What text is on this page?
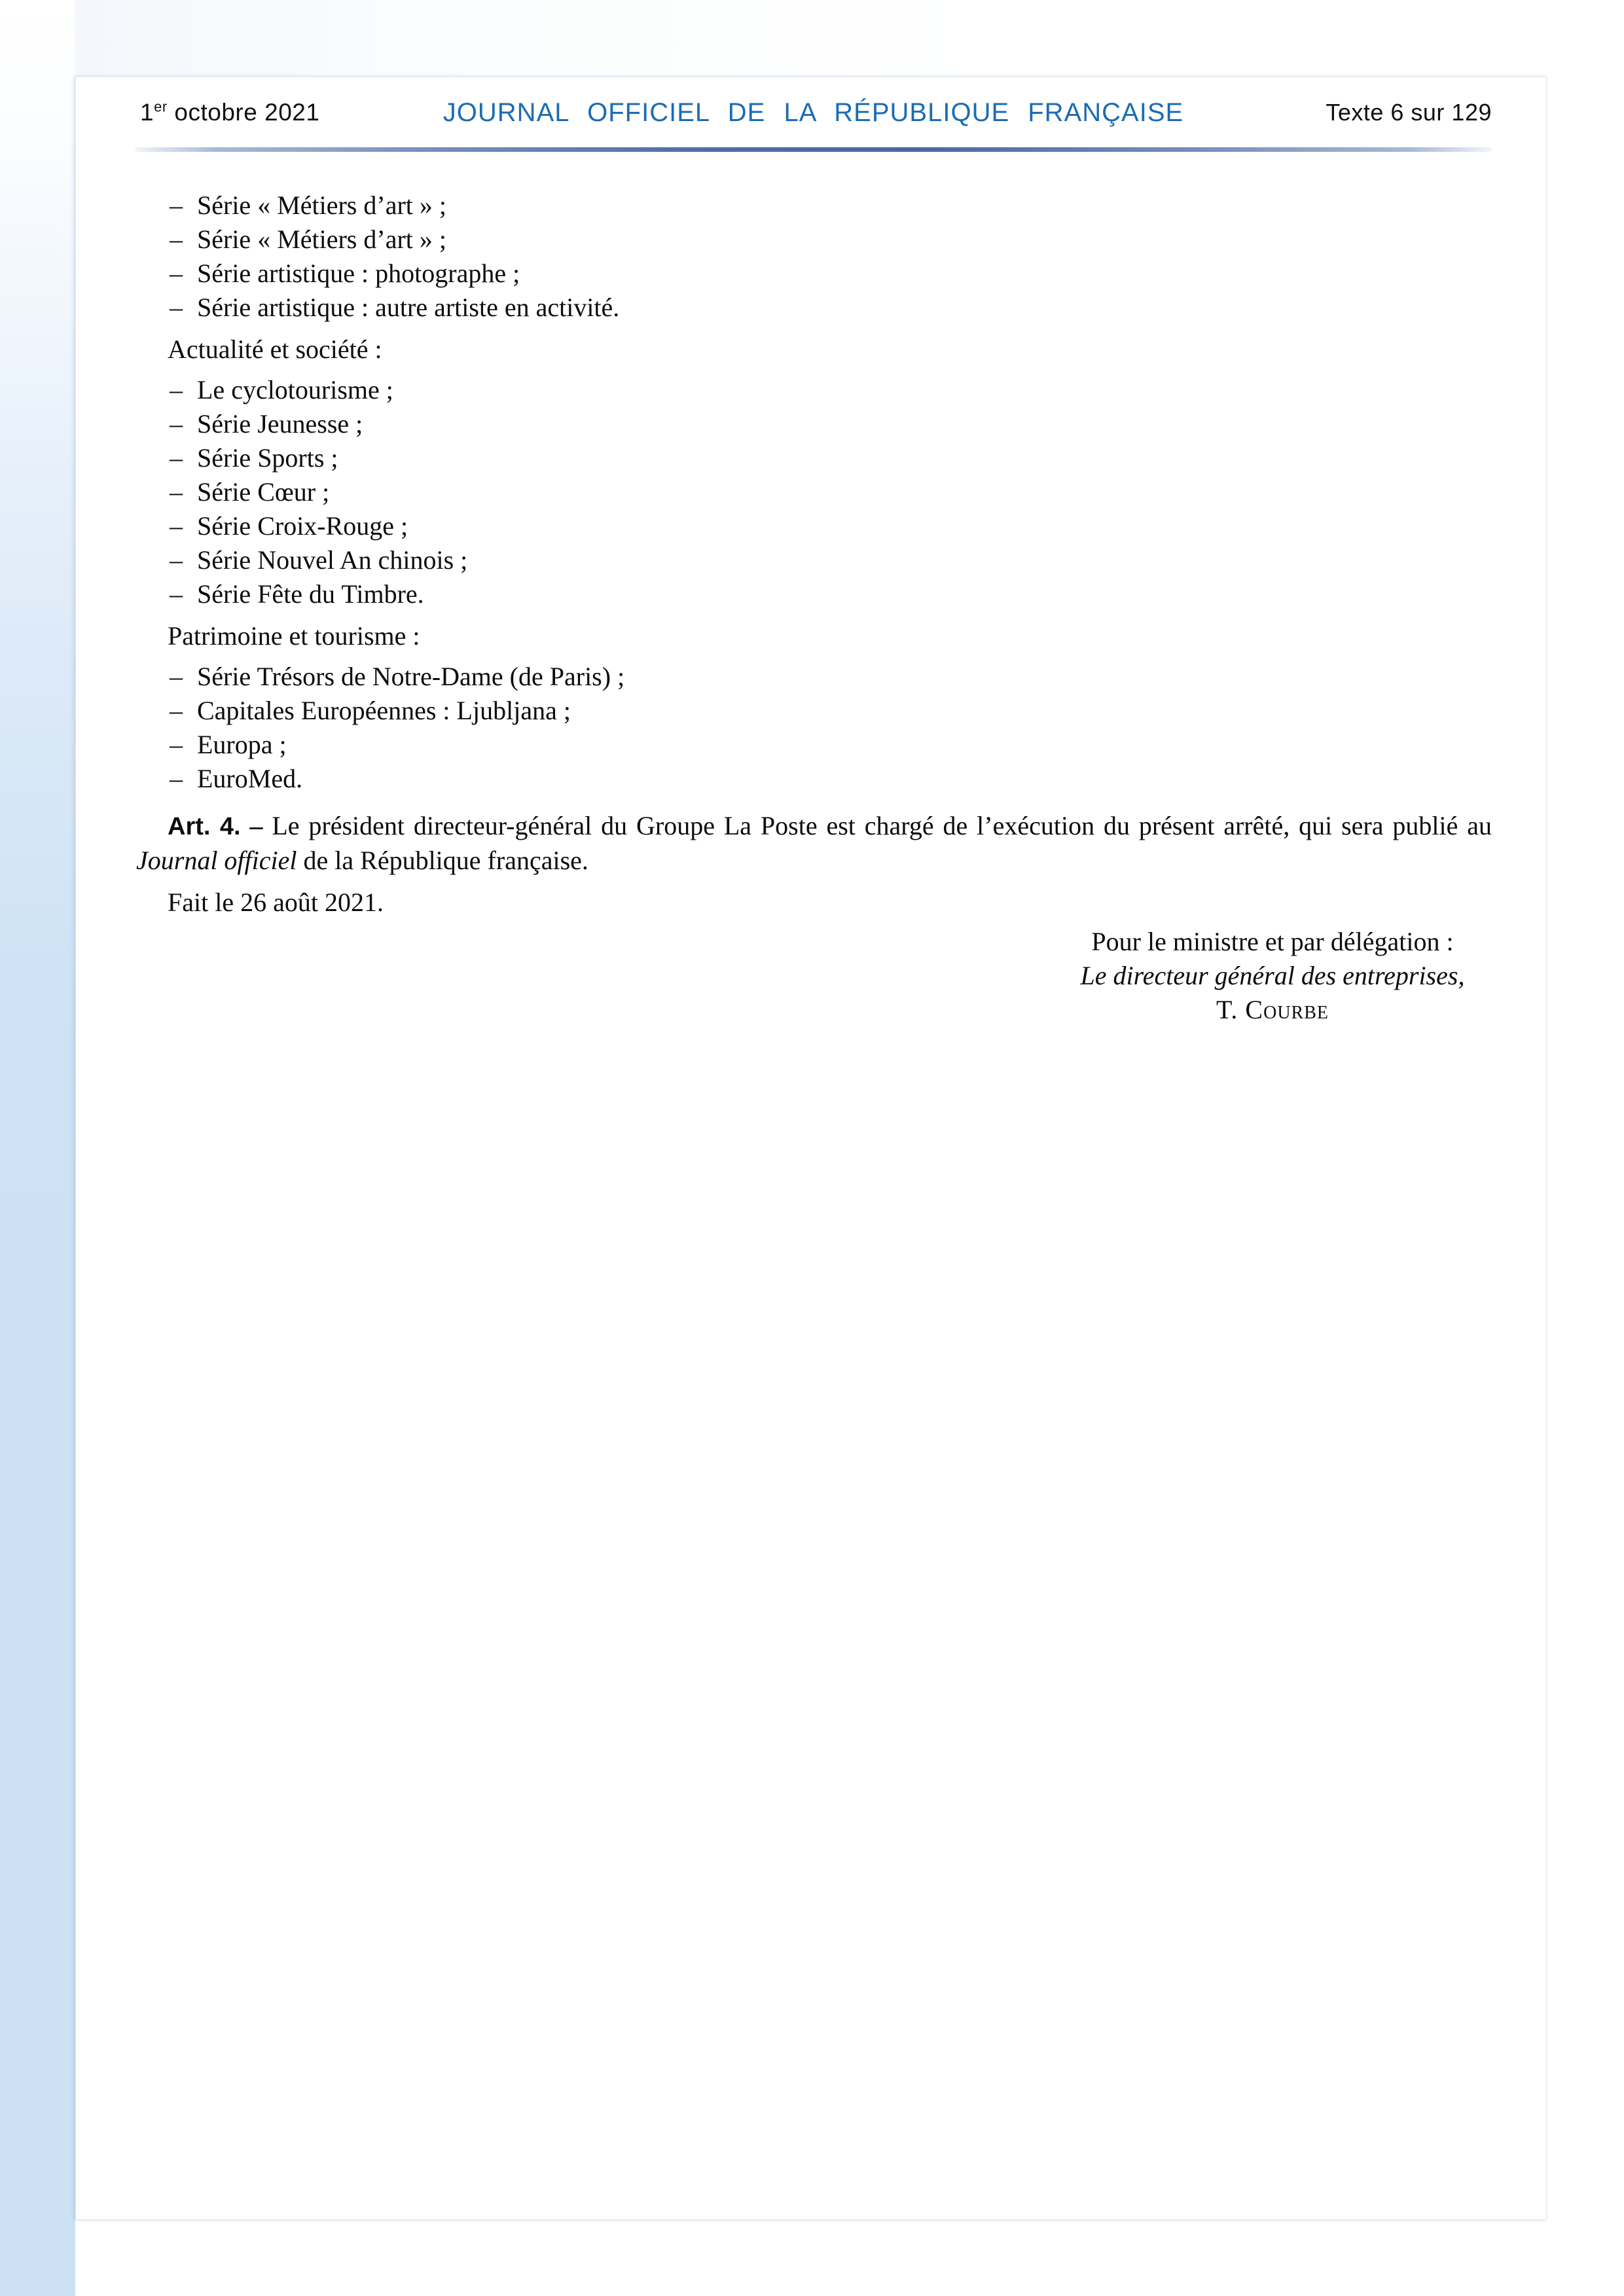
1er octobre 2021	JOURNAL OFFICIEL DE LA RÉPUBLIQUE FRANÇAISE	Texte 6 sur 129
– Série « Métiers d’art » ;
– Série « Métiers d’art » ;
– Série artistique : photographe ;
– Série artistique : autre artiste en activité.
Actualité et société :
– Le cyclotourisme ;
– Série Jeunesse ;
– Série Sports ;
– Série Cœur ;
– Série Croix-Rouge ;
– Série Nouvel An chinois ;
– Série Fête du Timbre.
Patrimoine et tourisme :
– Série Trésors de Notre-Dame (de Paris) ;
– Capitales Européennes : Ljubljana ;
– Europa ;
– EuroMed.

Art. 4. – Le président directeur-général du Groupe La Poste est chargé de l’exécution du présent arrêté, qui sera publié au Journal officiel de la République française.

Fait le 26 août 2021.
Pour le ministre et par délégation :
Le directeur général des entreprises,
T. Courbe
